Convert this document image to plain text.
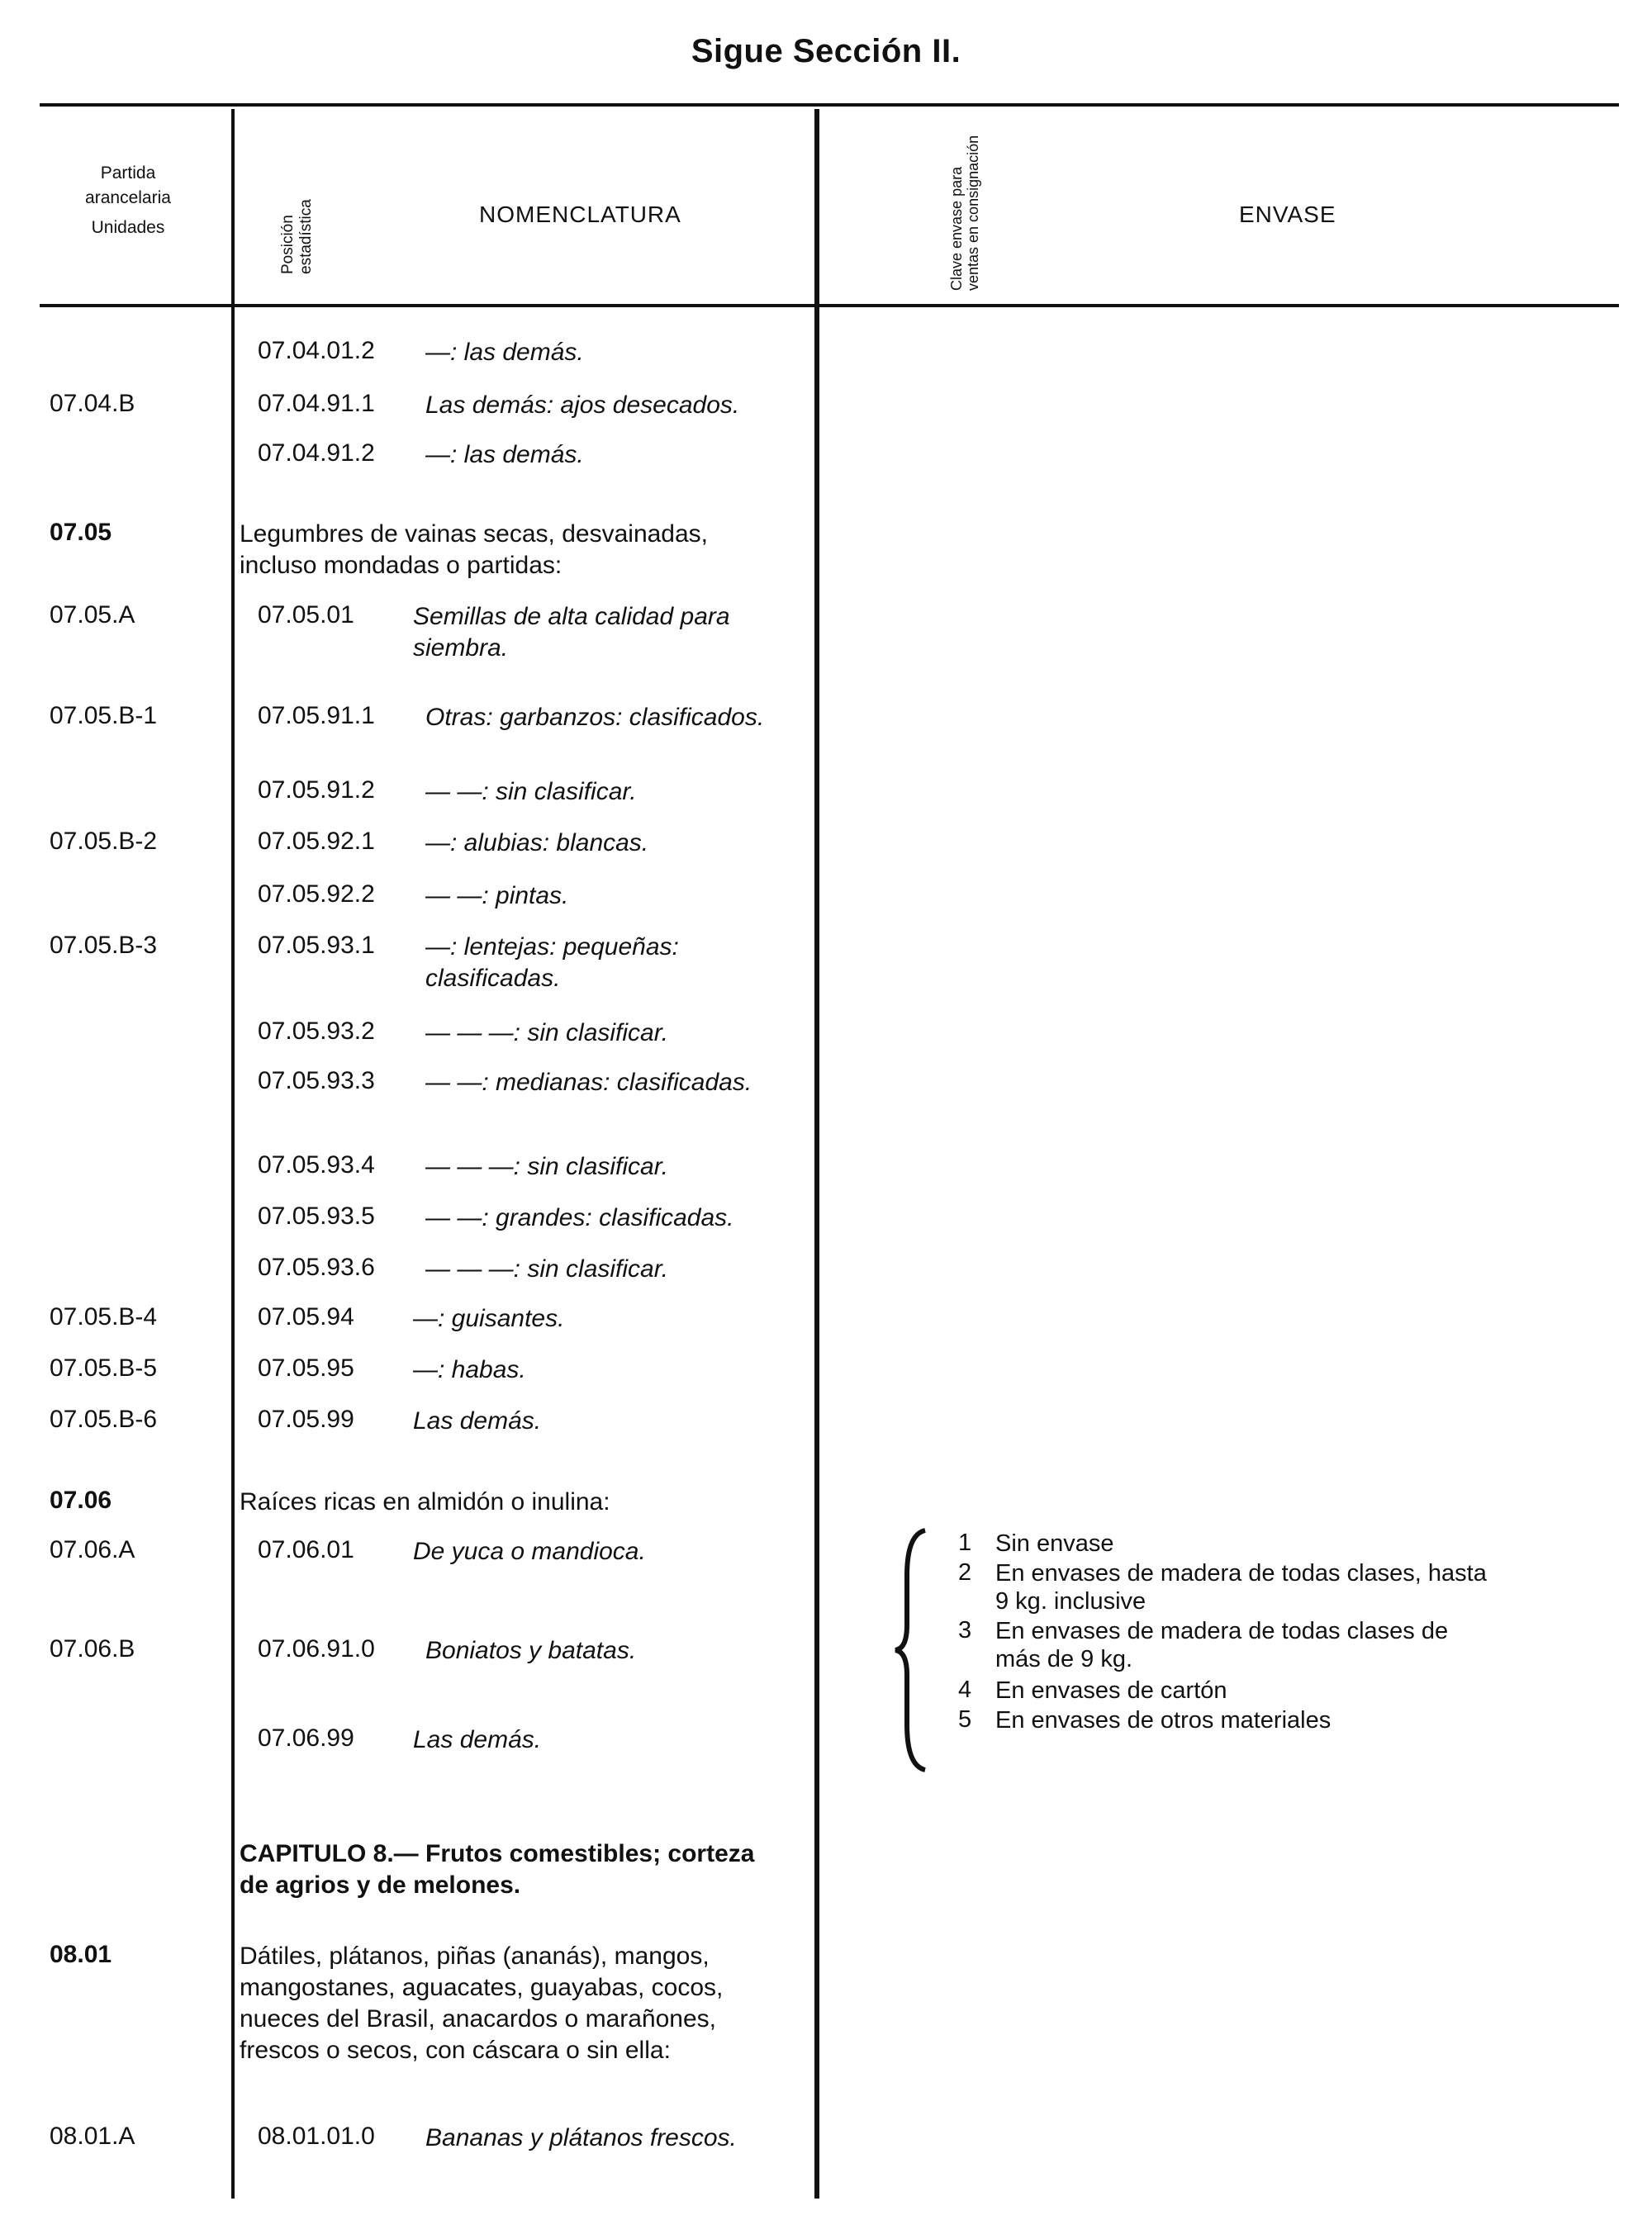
Sigue Sección II.
Partida
arancelaria
Unidades	Posición estadística	NOMENCLATURA	Clave envase para ventas en consignación	ENVASE
07.04.01.2 —: las demás.
07.04.B	07.04.91.1 Las demás: ajos desecados.
07.04.91.2 —: las demás.
07.05	Legumbres de vainas secas, desvainadas, incluso mondadas o partidas:
07.05.A	07.05.01 Semillas de alta calidad para siembra.
07.05.B-1	07.05.91.1 Otras: garbanzos: clasificados.
07.05.91.2 — —: sin clasificar.
07.05.B-2	07.05.92.1 —: alubias: blancas.
07.05.92.2 — —: pintas.
07.05.B-3	07.05.93.1 —: lentejas: pequeñas: clasificadas.
07.05.93.2 — — —: sin clasificar.
07.05.93.3 — —: medianas: clasificadas.
07.05.93.4 — — —: sin clasificar.
07.05.93.5 — —: grandes: clasificadas.
07.05.93.6 — — —: sin clasificar.
07.05.B-4	07.05.94 —: guisantes.
07.05.B-5	07.05.95 —: habas.
07.05.B-6	07.05.99 Las demás.
07.06	Raíces ricas en almidón o inulina:
07.06.A	07.06.01 De yuca o mandioca.
07.06.B	07.06.91.0 Boniatos y batatas.
07.06.99 Las demás.
CAPITULO 8.— Frutos comestibles; corteza de agrios y de melones.
08.01	Dátiles, plátanos, piñas (ananás), mangos, mangostanes, aguacates, guayabas, cocos, nueces del Brasil, anacardos o marañones, frescos o secos, con cáscara o sin ella:
08.01.A	08.01.01.0 Bananas y plátanos frescos.
1 Sin envase
2 En envases de madera de todas clases, hasta 9 kg. inclusive
3 En envases de madera de todas clases de más de 9 kg.
4 En envases de cartón
5 En envases de otros materiales
